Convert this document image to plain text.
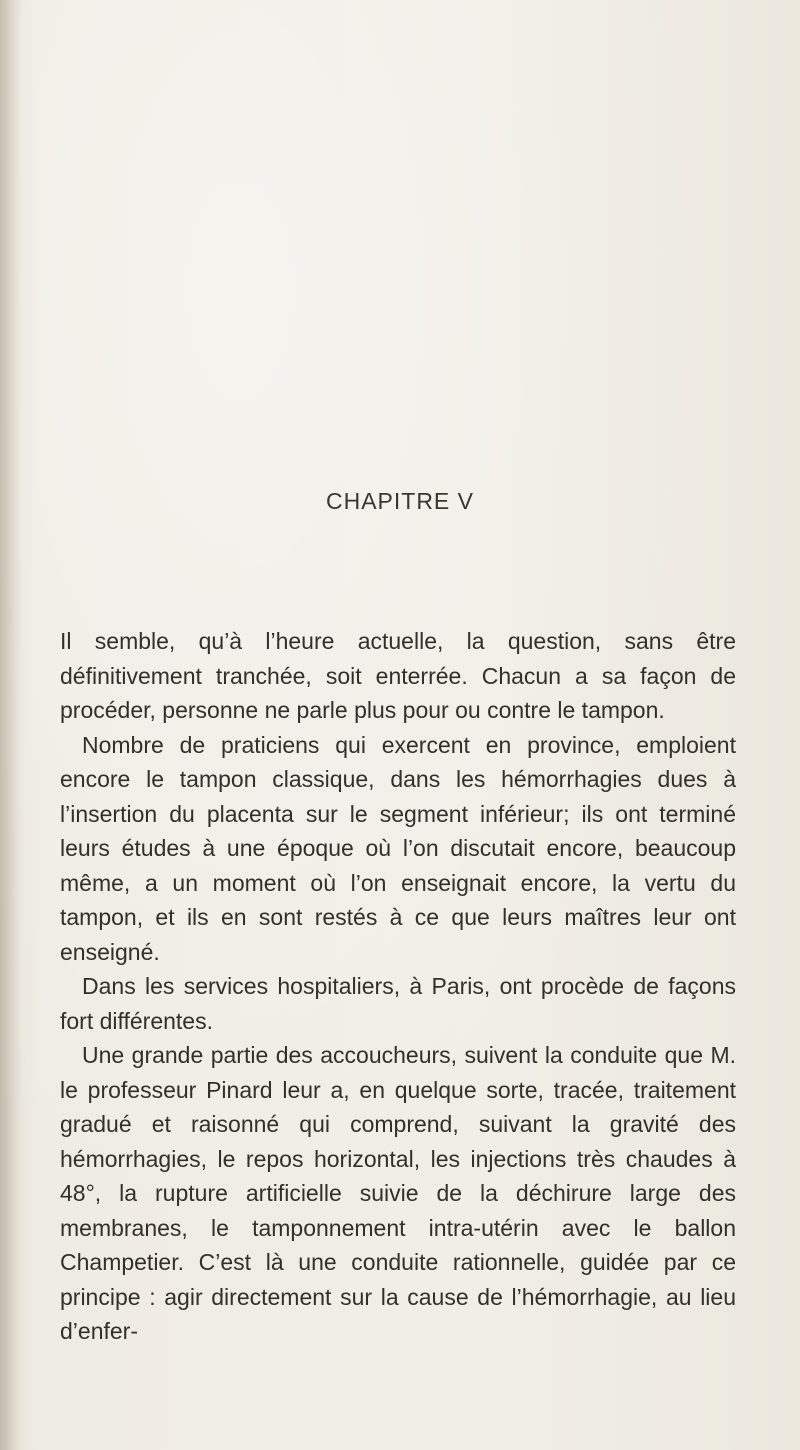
CHAPITRE V

Il semble, qu’à l’heure actuelle, la question, sans être définitivement tranchée, soit enterrée. Chacun a sa façon de procéder, personne ne parle plus pour ou contre le tampon.

Nombre de praticiens qui exercent en province, emploient encore le tampon classique, dans les hémorrhagies dues à l’insertion du placenta sur le segment inférieur; ils ont terminé leurs études à une époque où l’on discutait encore, beaucoup même, a un moment où l’on enseignait encore, la vertu du tampon, et ils en sont restés à ce que leurs maîtres leur ont enseigné.

Dans les services hospitaliers, à Paris, ont procède de façons fort différentes.

Une grande partie des accoucheurs, suivent la conduite que M. le professeur Pinard leur a, en quelque sorte, tracée, traitement gradué et raisonné qui comprend, suivant la gravité des hémorrhagies, le repos horizontal, les injections très chaudes à 48°, la rupture artificielle suivie de la déchirure large des membranes, le tamponnement intra-utérin avec le ballon Champetier. C’est là une conduite rationnelle, guidée par ce principe : agir directement sur la cause de l’hémorrhagie, au lieu d’enfer-
